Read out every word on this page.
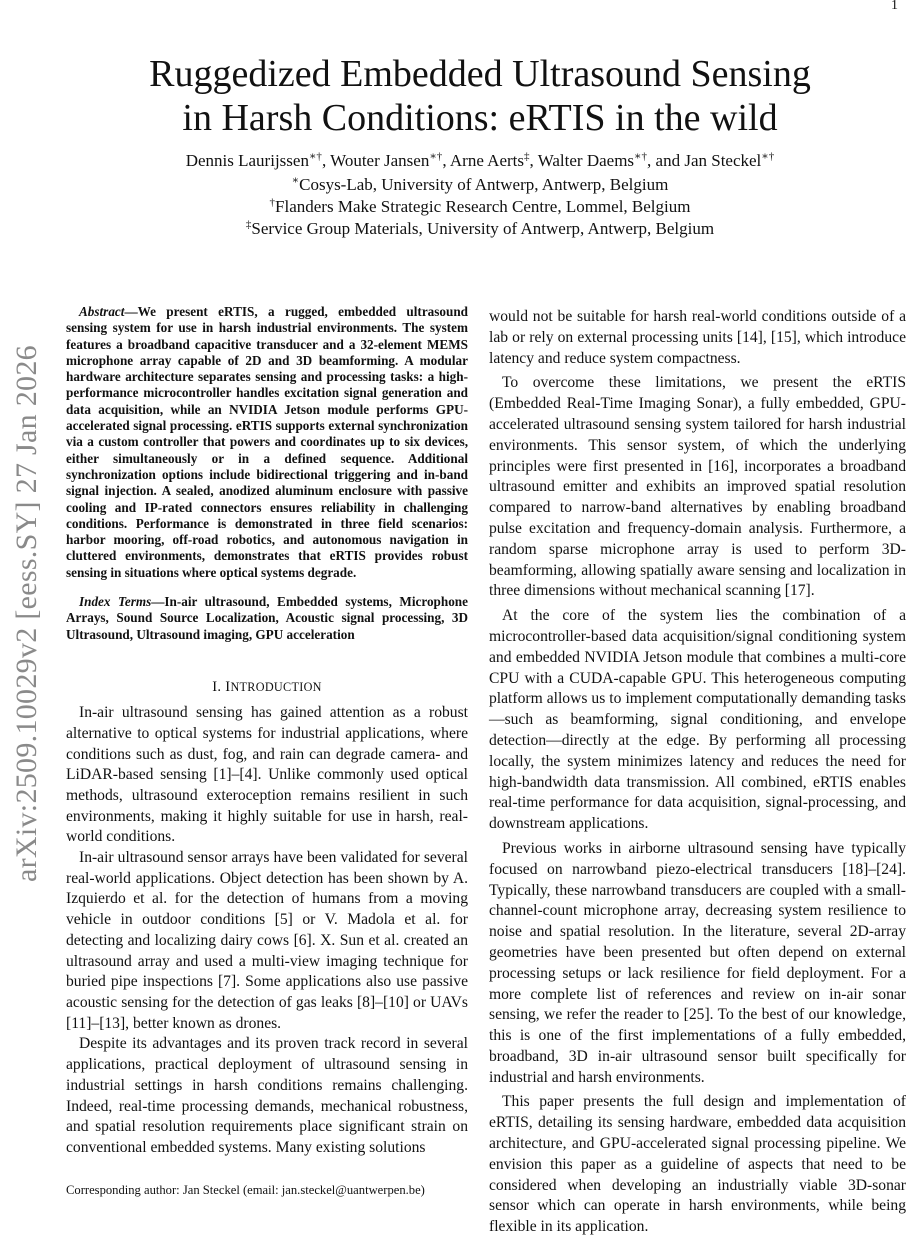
1
arXiv:2509.10029v2 [eess.SY] 27 Jan 2026
Ruggedized Embedded Ultrasound Sensing
in Harsh Conditions: eRTIS in the wild
Dennis Laurijssen∗†, Wouter Jansen∗†, Arne Aerts‡, Walter Daems∗†, and Jan Steckel∗†
∗Cosys-Lab, University of Antwerp, Antwerp, Belgium
†Flanders Make Strategic Research Centre, Lommel, Belgium
‡Service Group Materials, University of Antwerp, Antwerp, Belgium

Abstract—We present eRTIS, a rugged, embedded ultrasound sensing system for use in harsh industrial environments. The system features a broadband capacitive transducer and a 32-element MEMS microphone array capable of 2D and 3D beamforming. A modular hardware architecture separates sensing and processing tasks: a high-performance microcontroller handles excitation signal generation and data acquisition, while an NVIDIA Jetson module performs GPU-accelerated signal processing. eRTIS supports external synchronization via a custom controller that powers and coordinates up to six devices, either simultaneously or in a defined sequence. Additional synchronization options include bidirectional triggering and in-band signal injection. A sealed, anodized aluminum enclosure with passive cooling and IP-rated connectors ensures reliability in challenging conditions. Performance is demonstrated in three field scenarios: harbor mooring, off-road robotics, and autonomous navigation in cluttered environments, demonstrates that eRTIS provides robust sensing in situations where optical systems degrade.

Index Terms—In-air ultrasound, Embedded systems, Microphone Arrays, Sound Source Localization, Acoustic signal processing, 3D Ultrasound, Ultrasound imaging, GPU acceleration

I. INTRODUCTION

In-air ultrasound sensing has gained attention as a robust alternative to optical systems for industrial applications, where conditions such as dust, fog, and rain can degrade camera- and LiDAR-based sensing [1]–[4]. Unlike commonly used optical methods, ultrasound exteroception remains resilient in such environments, making it highly suitable for use in harsh, real-world conditions.

In-air ultrasound sensor arrays have been validated for several real-world applications. Object detection has been shown by A. Izquierdo et al. for the detection of humans from a moving vehicle in outdoor conditions [5] or V. Madola et al. for detecting and localizing dairy cows [6]. X. Sun et al. created an ultrasound array and used a multi-view imaging technique for buried pipe inspections [7]. Some applications also use passive acoustic sensing for the detection of gas leaks [8]–[10] or UAVs [11]–[13], better known as drones.

Despite its advantages and its proven track record in several applications, practical deployment of ultrasound sensing in industrial settings in harsh conditions remains challenging. Indeed, real-time processing demands, mechanical robustness, and spatial resolution requirements place significant strain on conventional embedded systems. Many existing solutions

would not be suitable for harsh real-world conditions outside of a lab or rely on external processing units [14], [15], which introduce latency and reduce system compactness.

To overcome these limitations, we present the eRTIS (Embedded Real-Time Imaging Sonar), a fully embedded, GPU-accelerated ultrasound sensing system tailored for harsh industrial environments. This sensor system, of which the underlying principles were first presented in [16], incorporates a broadband ultrasound emitter and exhibits an improved spatial resolution compared to narrow-band alternatives by enabling broadband pulse excitation and frequency-domain analysis. Furthermore, a random sparse microphone array is used to perform 3D-beamforming, allowing spatially aware sensing and localization in three dimensions without mechanical scanning [17].

At the core of the system lies the combination of a microcontroller-based data acquisition/signal conditioning system and embedded NVIDIA Jetson module that combines a multi-core CPU with a CUDA-capable GPU. This heterogeneous computing platform allows us to implement computationally demanding tasks—such as beamforming, signal conditioning, and envelope detection—directly at the edge. By performing all processing locally, the system minimizes latency and reduces the need for high-bandwidth data transmission. All combined, eRTIS enables real-time performance for data acquisition, signal-processing, and downstream applications.

Previous works in airborne ultrasound sensing have typically focused on narrowband piezo-electrical transducers [18]–[24]. Typically, these narrowband transducers are coupled with a small-channel-count microphone array, decreasing system resilience to noise and spatial resolution. In the literature, several 2D-array geometries have been presented but often depend on external processing setups or lack resilience for field deployment. For a more complete list of references and review on in-air sonar sensing, we refer the reader to [25]. To the best of our knowledge, this is one of the first implementations of a fully embedded, broadband, 3D in-air ultrasound sensor built specifically for industrial and harsh environments.

This paper presents the full design and implementation of eRTIS, detailing its sensing hardware, embedded data acquisition architecture, and GPU-accelerated signal processing pipeline. We envision this paper as a guideline of aspects that need to be considered when developing an industrially viable 3D-sonar sensor which can operate in harsh environments, while being flexible in its application.

Corresponding author: Jan Steckel (email: jan.steckel@uantwerpen.be)
